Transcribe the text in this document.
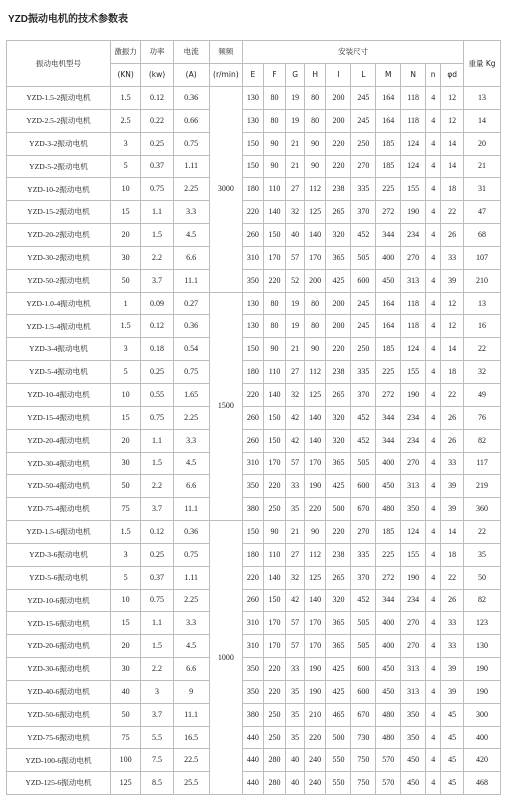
YZD振动电机的技术参数表
振动电机型号	激振力	功率	电流	频频	安装尺寸										重量 Kg
	(KN)	(kw)	(A)	(r/min)	E	F	G	H	I	L	M	N	n	φd	
YZD-1.5-2振动电机	1.5	0.12	0.36	3000	130	80	19	80	200	245	164	118	4	12	13
YZD-2.5-2振动电机	2.5	0.22	0.66		130	80	19	80	200	245	164	118	4	12	14
YZD-3-2振动电机	3	0.25	0.75		150	90	21	90	220	250	185	124	4	14	20
YZD-5-2振动电机	5	0.37	1.11		150	90	21	90	220	270	185	124	4	14	21
YZD-10-2振动电机	10	0.75	2.25		180	110	27	112	238	335	225	155	4	18	31
YZD-15-2振动电机	15	1.1	3.3		220	140	32	125	265	370	272	190	4	22	47
YZD-20-2振动电机	20	1.5	4.5		260	150	40	140	320	452	344	234	4	26	68
YZD-30-2振动电机	30	2.2	6.6		310	170	57	170	365	505	400	270	4	33	107
YZD-50-2振动电机	50	3.7	11.1		350	220	52	200	425	600	450	313	4	39	210
YZD-1.0-4振动电机	1	0.09	0.27	1500	130	80	19	80	200	245	164	118	4	12	13
YZD-1.5-4振动电机	1.5	0.12	0.36		130	80	19	80	200	245	164	118	4	12	16
YZD-3-4振动电机	3	0.18	0.54		150	90	21	90	220	250	185	124	4	14	22
YZD-5-4振动电机	5	0.25	0.75		180	110	27	112	238	335	225	155	4	18	32
YZD-10-4振动电机	10	0.55	1.65		220	140	32	125	265	370	272	190	4	22	49
YZD-15-4振动电机	15	0.75	2.25		260	150	42	140	320	452	344	234	4	26	76
YZD-20-4振动电机	20	1.1	3.3		260	150	42	140	320	452	344	234	4	26	82
YZD-30-4振动电机	30	1.5	4.5		310	170	57	170	365	505	400	270	4	33	117
YZD-50-4振动电机	50	2.2	6.6		350	220	33	190	425	600	450	313	4	39	219
YZD-75-4振动电机	75	3.7	11.1		380	250	35	220	500	670	480	350	4	39	360
YZD-1.5-6振动电机	1.5	0.12	0.36	1000	150	90	21	90	220	270	185	124	4	14	22
YZD-3-6振动电机	3	0.25	0.75		180	110	27	112	238	335	225	155	4	18	35
YZD-5-6振动电机	5	0.37	1.11		220	140	32	125	265	370	272	190	4	22	50
YZD-10-6振动电机	10	0.75	2.25		260	150	42	140	320	452	344	234	4	26	82
YZD-15-6振动电机	15	1.1	3.3		310	170	57	170	365	505	400	270	4	33	123
YZD-20-6振动电机	20	1.5	4.5		310	170	57	170	365	505	400	270	4	33	130
YZD-30-6振动电机	30	2.2	6.6		350	220	33	190	425	600	450	313	4	39	190
YZD-40-6振动电机	40	3	9		350	220	35	190	425	600	450	313	4	39	190
YZD-50-6振动电机	50	3.7	11.1		380	250	35	210	465	670	480	350	4	45	300
YZD-75-6振动电机	75	5.5	16.5		440	250	35	220	500	730	480	350	4	45	400
YZD-100-6振动电机	100	7.5	22.5		440	280	40	240	550	750	570	450	4	45	420
YZD-125-6振动电机	125	8.5	25.5		440	280	40	240	550	750	570	450	4	45	468
